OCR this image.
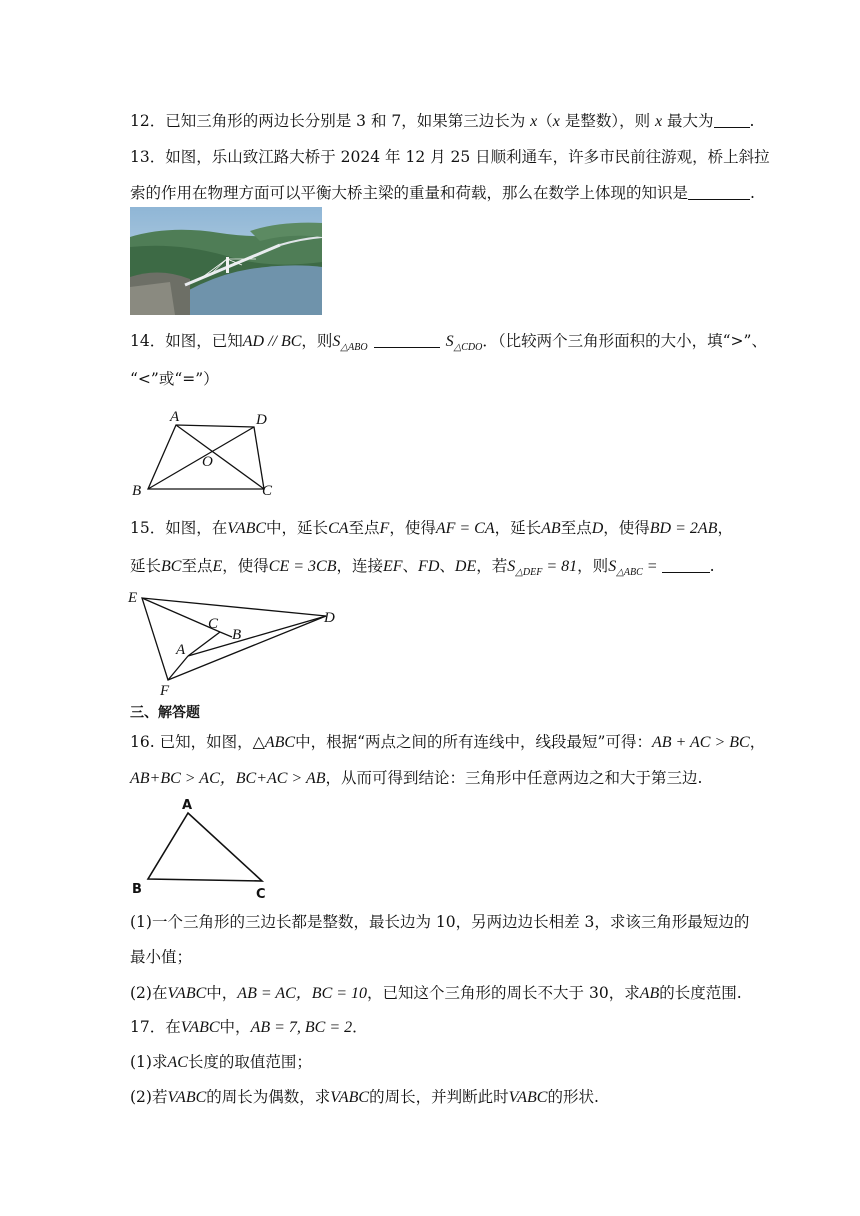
12．已知三角形的两边长分别是 3 和 7，如果第三边长为 x（x 是整数），则 x 最大为 .
13．如图，乐山致江路大桥于 2024 年 12 月 25 日顺利通车，许多市民前往游观，桥上斜拉
索的作用在物理方面可以平衡大桥主梁的重量和荷载，那么在数学上体现的知识是	.
14．如图，已知AD // BC，则$S_{\triangle ABO}$	$S_{\triangle CDO}$．（比较两个三角形面积的大小，填“>”、
“<”或“=”）
A	D
O
B	C
15．如图，在VABC中，延长CA至点F，使得AF = CA，延长AB至点D，使得BD = 2AB，
延长BC至点E，使得CE = 3CB，连接EF、FD、DE，若$S_{\triangle DEF} = 81$，则$S_{\triangle ABC}$ =	.
E
C
B
D
A
F
三、解答题
16. 已知，如图，△ABC中，根据“两点之间的所有连线中，线段最短”可得：AB + AC > BC，
AB+BC > AC，BC+AC > AB，从而可得到结论：三角形中任意两边之和大于第三边.
A
B	C
(1)一个三角形的三边长都是整数，最长边为 10，另两边边长相差 3，求该三角形最短边的
最小值；
(2)在VABC中，AB = AC，BC = 10，已知这个三角形的周长不大于 30，求AB的长度范围.
17．在VABC中，AB = 7, BC = 2．
(1)求AC长度的取值范围；
(2)若VABC的周长为偶数，求VABC的周长，并判断此时VABC的形状.
